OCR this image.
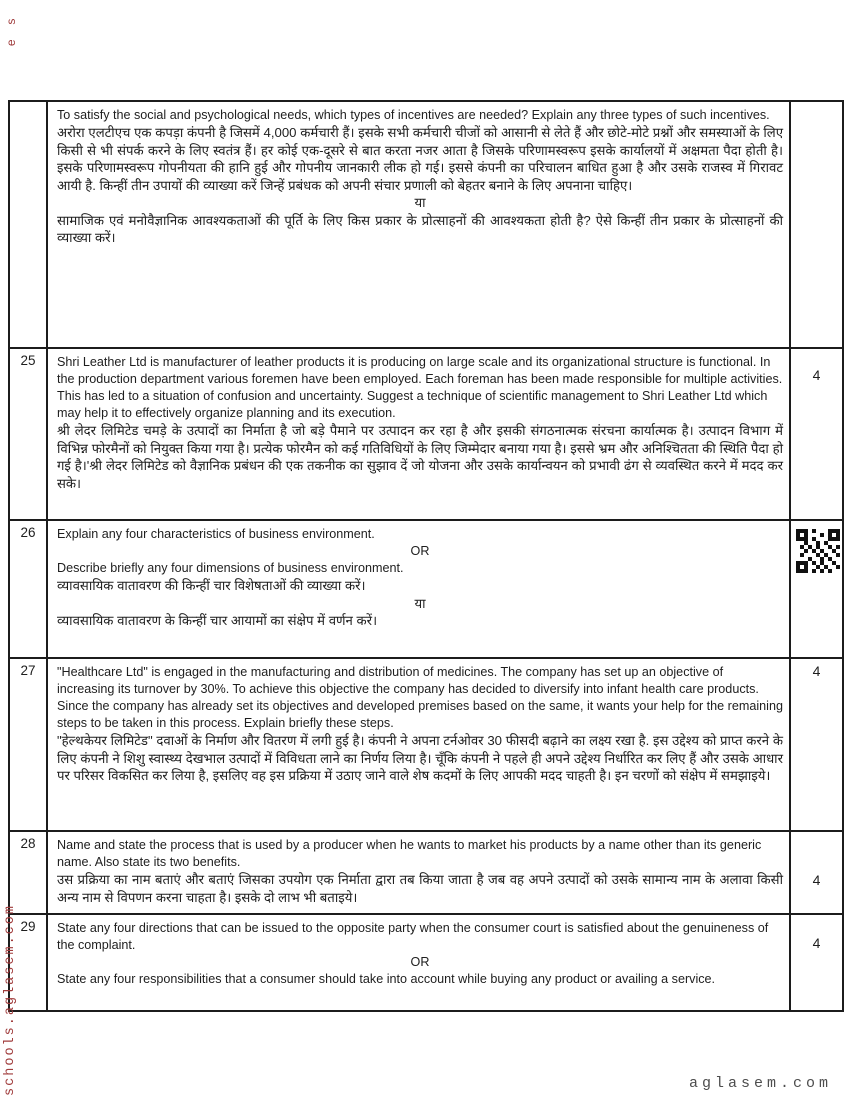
To satisfy the social and psychological needs, which types of incentives are needed? Explain any three types of such incentives.

अरोरा एलटीएच एक कपड़ा कंपनी है जिसमें 4,000 कर्मचारी हैं। इसके सभी कर्मचारी चीजों को आसानी से लेते हैं और छोटे-मोटे प्रश्नों और समस्याओं के लिए किसी से भी संपर्क करने के लिए स्वतंत्र हैं। हर कोई एक-दूसरे से बात करता नजर आता है जिसके परिणामस्वरूप इसके कार्यालयों में अक्षमता पैदा होती है। इसके परिणामस्वरूप गोपनीयता की हानि हुई और गोपनीय जानकारी लीक हो गई। इससे कंपनी का परिचालन बाधित हुआ है और उसके राजस्व में गिरावट आयी है. किन्हीं तीन उपायों की व्याख्या करें जिन्हें प्रबंधक को अपनी संचार प्रणाली को बेहतर बनाने के लिए अपनाना चाहिए।

या

सामाजिक एवं मनोवैज्ञानिक आवश्यकताओं की पूर्ति के लिए किस प्रकार के प्रोत्साहनों की आवश्यकता होती है? ऐसे किन्हीं तीन प्रकार के प्रोत्साहनों की व्याख्या करें।

25	Shri Leather Ltd is manufacturer of leather products it is producing on large scale and its organizational structure is functional. In the production department various foremen have been employed. Each foreman has been made responsible for multiple activities. This has led to a situation of confusion and uncertainty. Suggest a technique of scientific management to Shri Leather Ltd which may help it to effectively organize planning and its execution.

श्री लेदर लिमिटेड चमड़े के उत्पादों का निर्माता है जो बड़े पैमाने पर उत्पादन कर रहा है और इसकी संगठनात्मक संरचना कार्यात्मक है। उत्पादन विभाग में विभिन्न फोरमैनों को नियुक्त किया गया है। प्रत्येक फोरमैन को कई गतिविधियों के लिए जिम्मेदार बनाया गया है। इससे भ्रम और अनिश्चितता की स्थिति पैदा हो गई है।'श्री लेदर लिमिटेड को वैज्ञानिक प्रबंधन की एक तकनीक का सुझाव दें जो योजना और उसके कार्यान्वयन को प्रभावी ढंग से व्यवस्थित करने में मदद कर सके।

4
26	Explain any four characteristics of business environment.

OR

Describe briefly any four dimensions of business environment.

व्यावसायिक वातावरण की किन्हीं चार विशेषताओं की व्याख्या करें।

या

व्यावसायिक वातावरण के किन्हीं चार आयामों का संक्षेप में वर्णन करें।

27	"Healthcare Ltd" is engaged in the manufacturing and distribution of medicines. The company has set up an objective of increasing its turnover by 30%. To achieve this objective the company has decided to diversify into infant health care products. Since the company has already set its objectives and developed premises based on the same, it wants your help for the remaining steps to be taken in this process. Explain briefly these steps.

"हेल्थकेयर लिमिटेड" दवाओं के निर्माण और वितरण में लगी हुई है। कंपनी ने अपना टर्नओवर 30 फीसदी बढ़ाने का लक्ष्य रखा है. इस उद्देश्य को प्राप्त करने के लिए कंपनी ने शिशु स्वास्थ्य देखभाल उत्पादों में विविधता लाने का निर्णय लिया है। चूँकि कंपनी ने पहले ही अपने उद्देश्य निर्धारित कर लिए हैं और उसके आधार पर परिसर विकसित कर लिया है, इसलिए वह इस प्रक्रिया में उठाए जाने वाले शेष कदमों के लिए आपकी मदद चाहती है। इन चरणों को संक्षेप में समझाइये।

4
28	Name and state the process that is used by a producer when he wants to market his products by a name other than its generic name. Also state its two benefits.

उस प्रक्रिया का नाम बताएं और बताएं जिसका उपयोग एक निर्माता द्वारा तब किया जाता है जब वह अपने उत्पादों को उसके सामान्य नाम के अलावा किसी अन्य नाम से विपणन करना चाहता है। इसके दो लाभ भी बताइये।

4
29	State any four directions that can be issued to the opposite party when the consumer court is satisfied about the genuineness of the complaint.

OR

State any four responsibilities that a consumer should take into account while buying any product or availing a service.

4
es
schools.aglasem.com	aglasem.com
